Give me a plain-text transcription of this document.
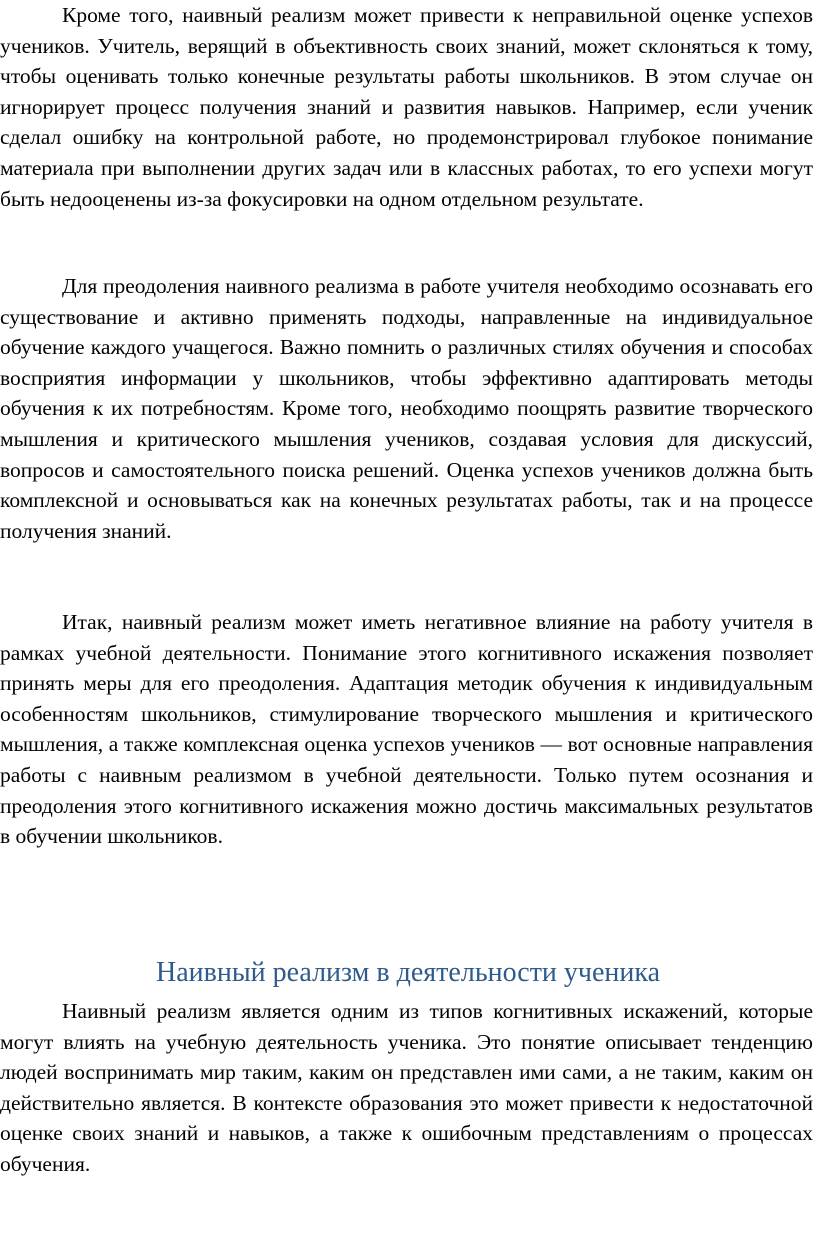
Кроме того, наивный реализм может привести к неправильной оценке успехов учеников. Учитель, верящий в объективность своих знаний, может склоняться к тому, чтобы оценивать только конечные результаты работы школьников. В этом случае он игнорирует процесс получения знаний и развития навыков. Например, если ученик сделал ошибку на контрольной работе, но продемонстрировал глубокое понимание материала при выполнении других задач или в классных работах, то его успехи могут быть недооценены из-за фокусировки на одном отдельном результате.

Для преодоления наивного реализма в работе учителя необходимо осознавать его существование и активно применять подходы, направленные на индивидуальное обучение каждого учащегося. Важно помнить о различных стилях обучения и способах восприятия информации у школьников, чтобы эффективно адаптировать методы обучения к их потребностям. Кроме того, необходимо поощрять развитие творческого мышления и критического мышления учеников, создавая условия для дискуссий, вопросов и самостоятельного поиска решений. Оценка успехов учеников должна быть комплексной и основываться как на конечных результатах работы, так и на процессе получения знаний.

Итак, наивный реализм может иметь негативное влияние на работу учителя в рамках учебной деятельности. Понимание этого когнитивного искажения позволяет принять меры для его преодоления. Адаптация методик обучения к индивидуальным особенностям школьников, стимулирование творческого мышления и критического мышления, а также комплексная оценка успехов учеников — вот основные направления работы с наивным реализмом в учебной деятельности. Только путем осознания и преодоления этого когнитивного искажения можно достичь максимальных результатов в обучении школьников.

Наивный реализм в деятельности ученика

Наивный реализм является одним из типов когнитивных искажений, которые могут влиять на учебную деятельность ученика. Это понятие описывает тенденцию людей воспринимать мир таким, каким он представлен ими сами, а не таким, каким он действительно является. В контексте образования это может привести к недостаточной оценке своих знаний и навыков, а также к ошибочным представлениям о процессах обучения.
